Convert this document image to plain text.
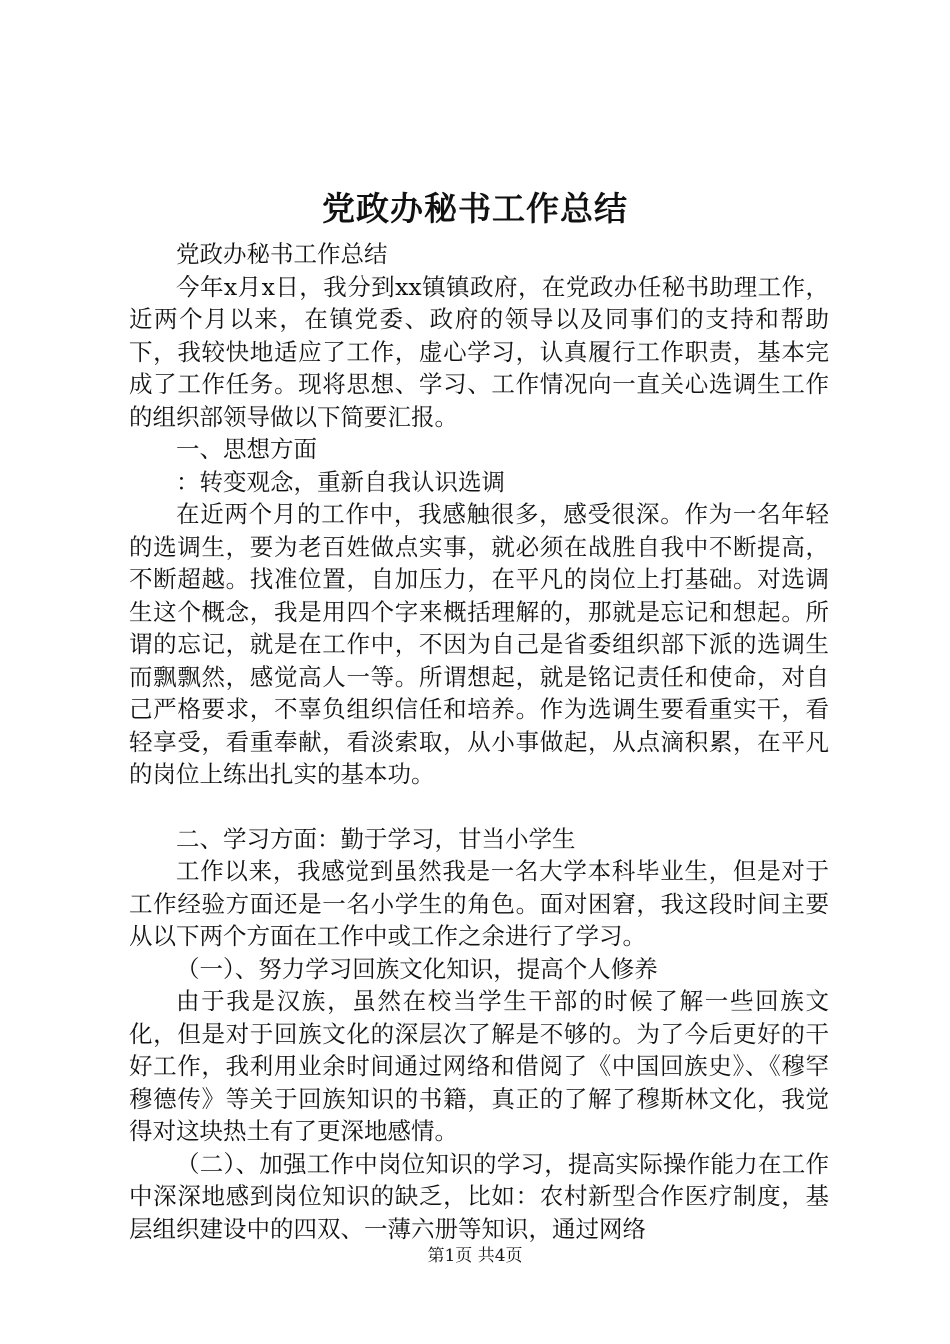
党政办秘书工作总结

党政办秘书工作总结

今年x月x日，我分到xx镇镇政府，在党政办任秘书助理工作，近两个月以来，在镇党委、政府的领导以及同事们的支持和帮助下，我较快地适应了工作，虚心学习，认真履行工作职责，基本完成了工作任务。现将思想、学习、工作情况向一直关心选调生工作的组织部领导做以下简要汇报。

一、思想方面

：转变观念，重新自我认识选调

在近两个月的工作中，我感触很多，感受很深。作为一名年轻的选调生，要为老百姓做点实事，就必须在战胜自我中不断提高，不断超越。找准位置，自加压力，在平凡的岗位上打基础。对选调生这个概念，我是用四个字来概括理解的，那就是忘记和想起。所谓的忘记，就是在工作中，不因为自己是省委组织部下派的选调生而飘飘然，感觉高人一等。所谓想起，就是铭记责任和使命，对自己严格要求，不辜负组织信任和培养。作为选调生要看重实干，看轻享受，看重奉献，看淡索取，从小事做起，从点滴积累，在平凡的岗位上练出扎实的基本功。

二、学习方面：勤于学习，甘当小学生

工作以来，我感觉到虽然我是一名大学本科毕业生，但是对于工作经验方面还是一名小学生的角色。面对困窘，我这段时间主要从以下两个方面在工作中或工作之余进行了学习。

（一）、努力学习回族文化知识，提高个人修养

由于我是汉族，虽然在校当学生干部的时候了解一些回族文化，但是对于回族文化的深层次了解是不够的。为了今后更好的干好工作，我利用业余时间通过网络和借阅了《中国回族史》、《穆罕穆德传》等关于回族知识的书籍，真正的了解了穆斯林文化，我觉得对这块热土有了更深地感情。

（二）、加强工作中岗位知识的学习，提高实际操作能力在工作中深深地感到岗位知识的缺乏，比如：农村新型合作医疗制度，基层组织建设中的四双、一薄六册等知识，通过网络

第1页 共4页
